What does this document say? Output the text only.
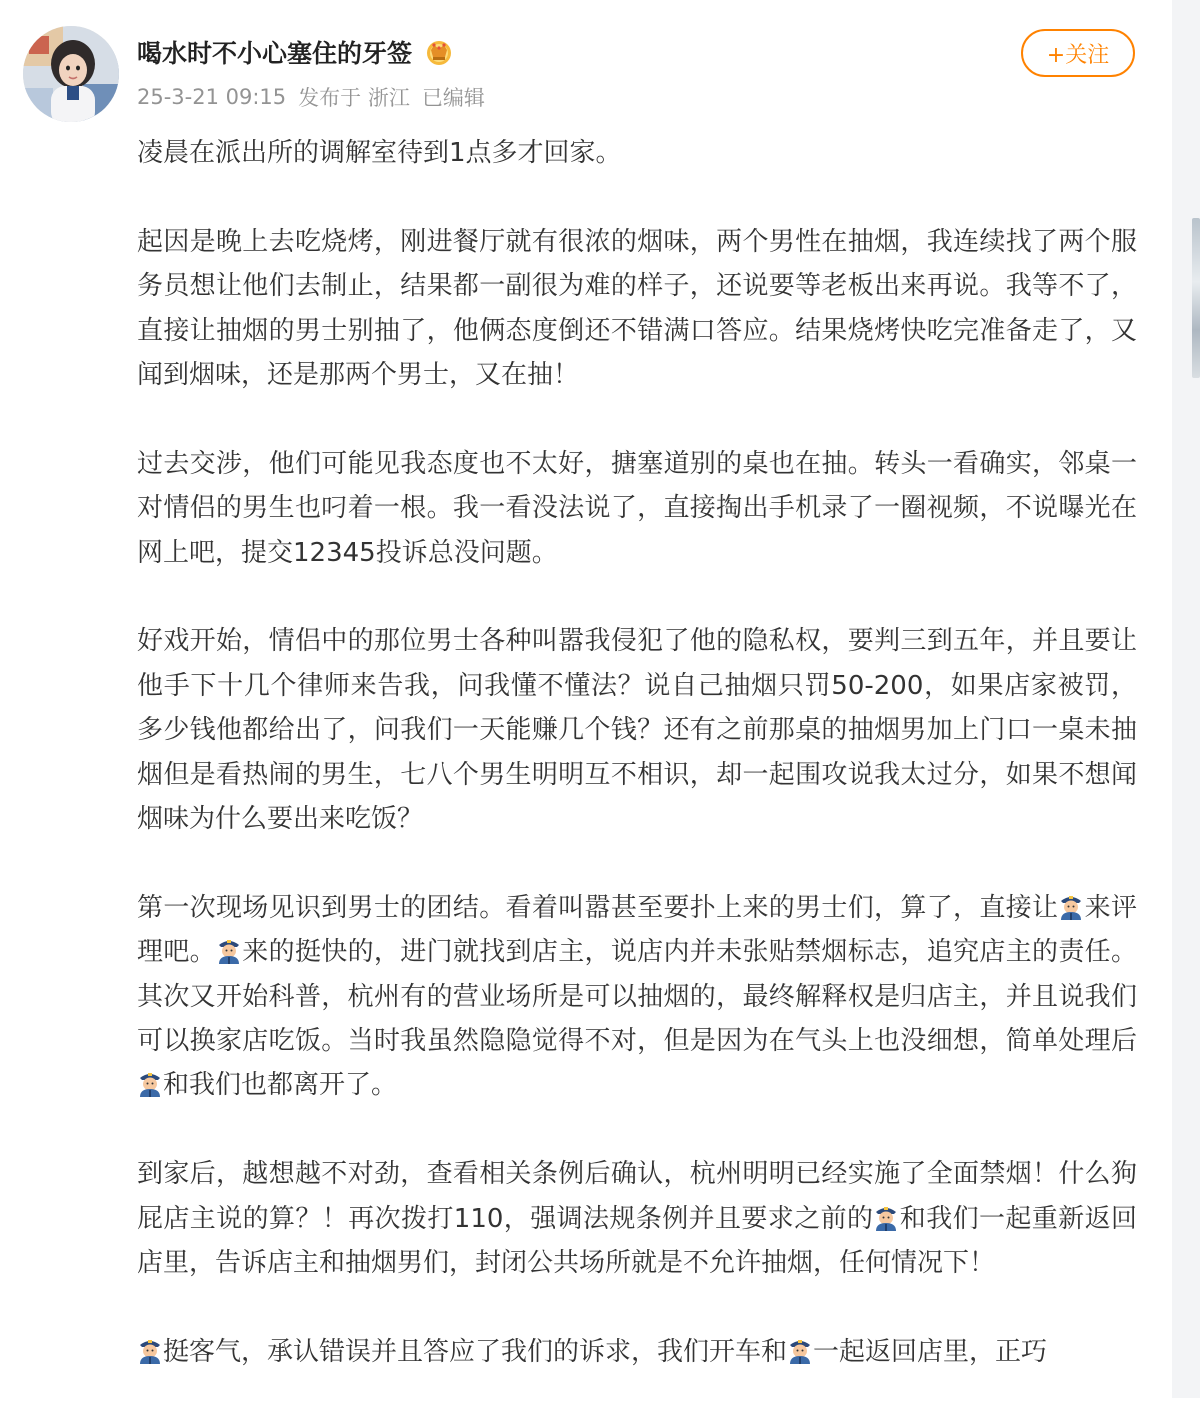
喝水时不小心塞住的牙签
25-3-21 09:15 发布于 浙江 已编辑
+关注

凌晨在派出所的调解室待到1点多才回家。

起因是晚上去吃烧烤，刚进餐厅就有很浓的烟味，两个男性在抽烟，我连续找了两个服务员想让他们去制止，结果都一副很为难的样子，还说要等老板出来再说。我等不了，直接让抽烟的男士别抽了，他俩态度倒还不错满口答应。结果烧烤快吃完准备走了，又闻到烟味，还是那两个男士，又在抽！

过去交涉，他们可能见我态度也不太好，搪塞道别的桌也在抽。转头一看确实，邻桌一对情侣的男生也叼着一根。我一看没法说了，直接掏出手机录了一圈视频，不说曝光在网上吧，提交12345投诉总没问题。

好戏开始，情侣中的那位男士各种叫嚣我侵犯了他的隐私权，要判三到五年，并且要让他手下十几个律师来告我，问我懂不懂法？说自己抽烟只罚50-200，如果店家被罚，多少钱他都给出了，问我们一天能赚几个钱？还有之前那桌的抽烟男加上门口一桌未抽烟但是看热闹的男生，七八个男生明明互不相识，却一起围攻说我太过分，如果不想闻烟味为什么要出来吃饭？

第一次现场见识到男士的团结。看着叫嚣甚至要扑上来的男士们，算了，直接让 来评理吧。 来的挺快的，进门就找到店主，说店内并未张贴禁烟标志，追究店主的责任。其次又开始科普，杭州有的营业场所是可以抽烟的，最终解释权是归店主，并且说我们可以换家店吃饭。当时我虽然隐隐觉得不对，但是因为在气头上也没细想，简单处理后和我们也都离开了。

到家后，越想越不对劲，查看相关条例后确认，杭州明明已经实施了全面禁烟！什么狗屁店主说的算？！再次拨打110，强调法规条例并且要求之前的 和我们一起重新返回店里，告诉店主和抽烟男们，封闭公共场所就是不允许抽烟，任何情况下！

挺客气，承认错误并且答应了我们的诉求，我们开车和 一起返回店里，正巧
